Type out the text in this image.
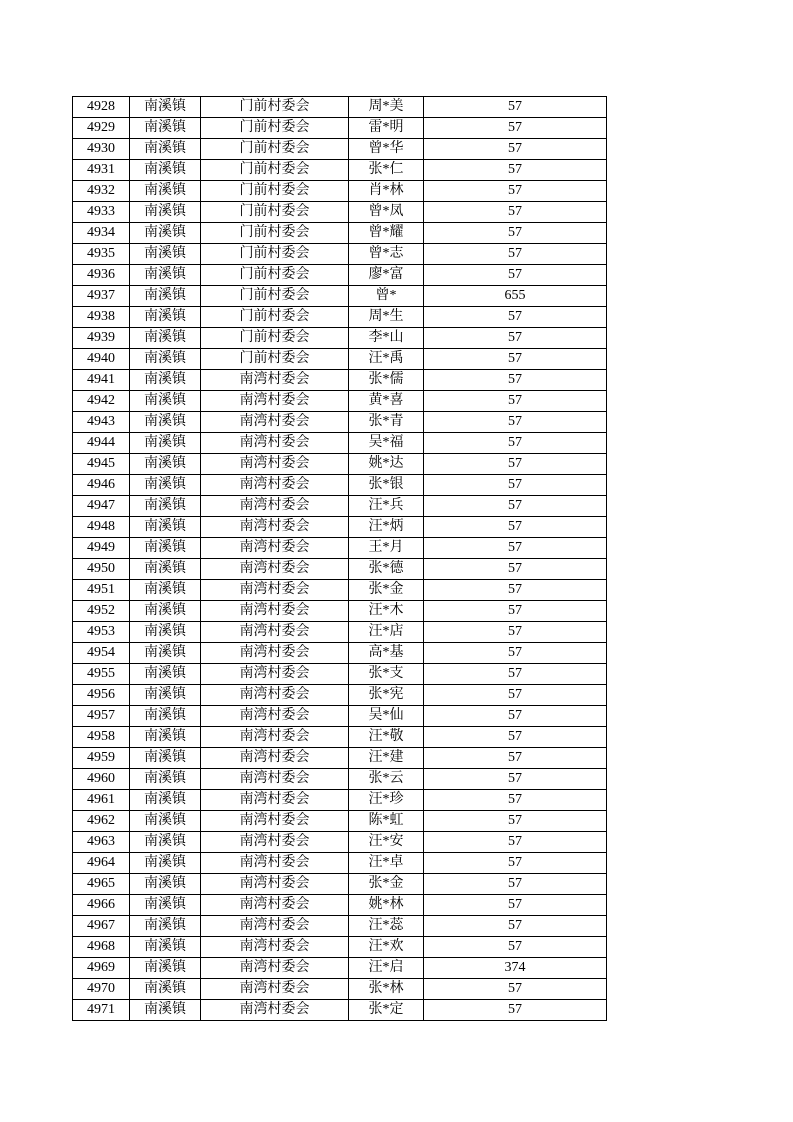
4928	南溪镇	门前村委会	周*美	57
4929	南溪镇	门前村委会	雷*明	57
4930	南溪镇	门前村委会	曾*华	57
4931	南溪镇	门前村委会	张*仁	57
4932	南溪镇	门前村委会	肖*林	57
4933	南溪镇	门前村委会	曾*凤	57
4934	南溪镇	门前村委会	曾*耀	57
4935	南溪镇	门前村委会	曾*志	57
4936	南溪镇	门前村委会	廖*富	57
4937	南溪镇	门前村委会	曾*	655
4938	南溪镇	门前村委会	周*生	57
4939	南溪镇	门前村委会	李*山	57
4940	南溪镇	门前村委会	汪*禹	57
4941	南溪镇	南湾村委会	张*儒	57
4942	南溪镇	南湾村委会	黄*喜	57
4943	南溪镇	南湾村委会	张*青	57
4944	南溪镇	南湾村委会	吴*福	57
4945	南溪镇	南湾村委会	姚*达	57
4946	南溪镇	南湾村委会	张*银	57
4947	南溪镇	南湾村委会	汪*兵	57
4948	南溪镇	南湾村委会	汪*炳	57
4949	南溪镇	南湾村委会	王*月	57
4950	南溪镇	南湾村委会	张*德	57
4951	南溪镇	南湾村委会	张*金	57
4952	南溪镇	南湾村委会	汪*木	57
4953	南溪镇	南湾村委会	汪*店	57
4954	南溪镇	南湾村委会	高*基	57
4955	南溪镇	南湾村委会	张*支	57
4956	南溪镇	南湾村委会	张*宪	57
4957	南溪镇	南湾村委会	吴*仙	57
4958	南溪镇	南湾村委会	汪*敬	57
4959	南溪镇	南湾村委会	汪*建	57
4960	南溪镇	南湾村委会	张*云	57
4961	南溪镇	南湾村委会	汪*珍	57
4962	南溪镇	南湾村委会	陈*虹	57
4963	南溪镇	南湾村委会	汪*安	57
4964	南溪镇	南湾村委会	汪*卓	57
4965	南溪镇	南湾村委会	张*金	57
4966	南溪镇	南湾村委会	姚*林	57
4967	南溪镇	南湾村委会	汪*蕊	57
4968	南溪镇	南湾村委会	汪*欢	57
4969	南溪镇	南湾村委会	汪*启	374
4970	南溪镇	南湾村委会	张*林	57
4971	南溪镇	南湾村委会	张*定	57
